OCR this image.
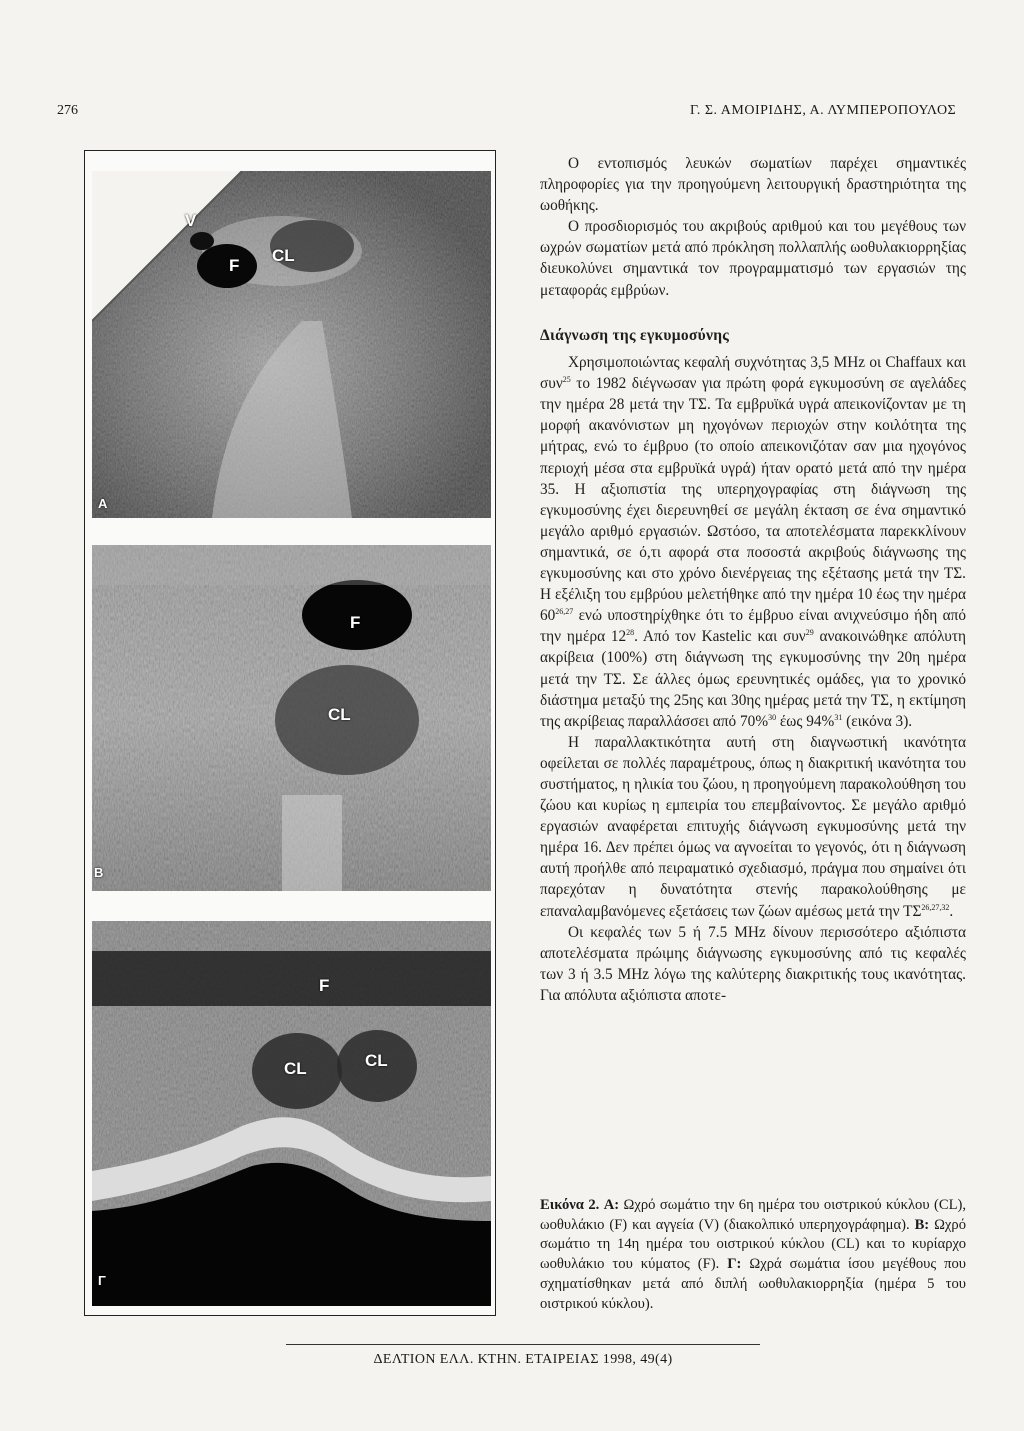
276	Γ. Σ. ΑΜΟΙΡΙΔΗΣ, Α. ΛΥΜΠΕΡΟΠΟΥΛΟΣ
V
F
CL
A
F
CL
B
F
CL	CL
Γ

Ο εντοπισμός λευκών σωματίων παρέχει σημαντικές πληροφορίες για την προηγούμενη λειτουργική δραστηριότητα της ωοθήκης.

Ο προσδιορισμός του ακριβούς αριθμού και του μεγέθους των ωχρών σωματίων μετά από πρόκληση πολλαπλής ωοθυλακιορρηξίας διευκολύνει σημαντικά τον προγραμματισμό των εργασιών της μεταφοράς εμβρύων.

Διάγνωση της εγκυμοσύνης

Χρησιμοποιώντας κεφαλή συχνότητας 3,5 MHz οι Chaffaux και συν$^{25}$ το 1982 διέγνωσαν για πρώτη φορά εγκυμοσύνη σε αγελάδες την ημέρα 28 μετά την ΤΣ. Τα εμβρυϊκά υγρά απεικονίζονταν με τη μορφή ακανόνιστων μη ηχογόνων περιοχών στην κοιλότητα της μήτρας, ενώ το έμβρυο (το οποίο απεικονιζόταν σαν μια ηχογόνος περιοχή μέσα στα εμβρυϊκά υγρά) ήταν ορατό μετά από την ημέρα 35. Η αξιοπιστία της υπερηχογραφίας στη διάγνωση της εγκυμοσύνης έχει διερευνηθεί σε μεγάλη έκταση σε ένα σημαντικό μεγάλο αριθμό εργασιών. Ωστόσο, τα αποτελέσματα παρεκκλίνουν σημαντικά, σε ό,τι αφορά στα ποσοστά ακριβούς διάγνωσης της εγκυμοσύνης και στο χρόνο διενέργειας της εξέτασης μετά την ΤΣ. Η εξέλιξη του εμβρύου μελετήθηκε από την ημέρα 10 έως την ημέρα 60$^{26,27}$ ενώ υποστηρίχθηκε ότι το έμβρυο είναι ανιχνεύσιμο ήδη από την ημέρα 12$^{28}$. Από τον Kastelic και συν$^{29}$ ανακοινώθηκε απόλυτη ακρίβεια (100%) στη διάγνωση της εγκυμοσύνης την 20η ημέρα μετά την ΤΣ. Σε άλλες όμως ερευνητικές ομάδες, για το χρονικό διάστημα μεταξύ της 25ης και 30ης ημέρας μετά την ΤΣ, η εκτίμηση της ακρίβειας παραλλάσσει από 70%$^{30}$ έως 94%$^{31}$ (εικόνα 3).

Η παραλλακτικότητα αυτή στη διαγνωστική ικανότητα οφείλεται σε πολλές παραμέτρους, όπως η διακριτική ικανότητα του συστήματος, η ηλικία του ζώου, η προηγούμενη παρακολούθηση του ζώου και κυρίως η εμπειρία του επεμβαίνοντος. Σε μεγάλο αριθμό εργασιών αναφέρεται επιτυχής διάγνωση εγκυμοσύνης μετά την ημέρα 16. Δεν πρέπει όμως να αγνοείται το γεγονός, ότι η διάγνωση αυτή προήλθε από πειραματικό σχεδιασμό, πράγμα που σημαίνει ότι παρεχόταν η δυνατότητα στενής παρακολούθησης με επαναλαμβανόμενες εξετάσεις των ζώων αμέσως μετά την ΤΣ$^{26,27,32}$.

Οι κεφαλές των 5 ή 7.5 MHz δίνουν περισσότερο αξιόπιστα αποτελέσματα πρώιμης διάγνωσης εγκυμοσύνης από τις κεφαλές των 3 ή 3.5 MHz λόγω της καλύτερης διακριτικής τους ικανότητας. Για απόλυτα αξιόπιστα αποτε-

Εικόνα 2. Α: Ωχρό σωμάτιο την 6η ημέρα του οιστρικού κύκλου (CL), ωοθυλάκιο (F) και αγγεία (V) (διακολπικό υπερηχογράφημα). Β: Ωχρό σωμάτιο τη 14η ημέρα του οιστρικού κύκλου (CL) και το κυρίαρχο ωοθυλάκιο του κύματος (F). Γ: Ωχρά σωμάτια ίσου μεγέθους που σχηματίσθηκαν μετά από διπλή ωοθυλακιορρηξία (ημέρα 5 του οιστρικού κύκλου).
ΔΕΛΤΙΟΝ ΕΛΛ. ΚΤΗΝ. ΕΤΑΙΡΕΙΑΣ 1998, 49(4)
